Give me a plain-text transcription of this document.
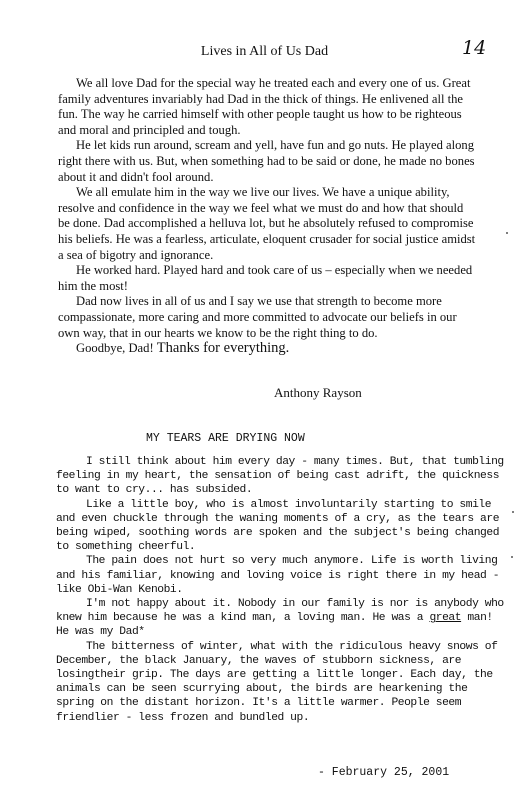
Lives in All of Us Dad	14

We all love Dad for the special way he treated each and every one of us. Great family adventures invariably had Dad in the thick of things. He enlivened all the fun. The way he carried himself with other people taught us how to be righteous and moral and principled and tough.

He let kids run around, scream and yell, have fun and go nuts. He played along right there with us. But, when something had to be said or done, he made no bones about it and didn't fool around.

We all emulate him in the way we live our lives. We have a unique ability, resolve and confidence in the way we feel what we must do and how that should be done. Dad accomplished a helluva lot, but he absolutely refused to compromise his beliefs. He was a fearless, articulate, eloquent crusader for social justice amidst a sea of bigotry and ignorance.

He worked hard. Played hard and took care of us – especially when we needed him the most!

Dad now lives in all of us and I say we use that strength to become more compassionate, more caring and more committed to advocate our beliefs in our own way, that in our hearts we know to be the right thing to do.

Goodbye, Dad! Thanks for everything.

Anthony Rayson
MY TEARS ARE DRYING NOW

I still think about him every day - many times. But, that tumbling feeling in my heart, the sensation of being cast adrift, the quickness to want to cry... has subsided.

Like a little boy, who is almost involuntarily starting to smile and even chuckle through the waning moments of a cry, as the tears are being wiped, soothing words are spoken and the subject's being changed to something cheerful.

The pain does not hurt so very much anymore. Life is worth living and his familiar, knowing and loving voice is right there in my head - like Obi-Wan Kenobi.

I'm not happy about it. Nobody in our family is nor is anybody who knew him because he was a kind man, a loving man. He was a great man! He was my Dad*

The bitterness of winter, what with the ridiculous heavy snows of December, the black January, the waves of stubborn sickness, are losingtheir grip. The days are getting a little longer. Each day, the animals can be seen scurrying about, the birds are hearkening the spring on the distant horizon. It's a little warmer. People seem friendlier - less frozen and bundled up.

- February 25, 2001
